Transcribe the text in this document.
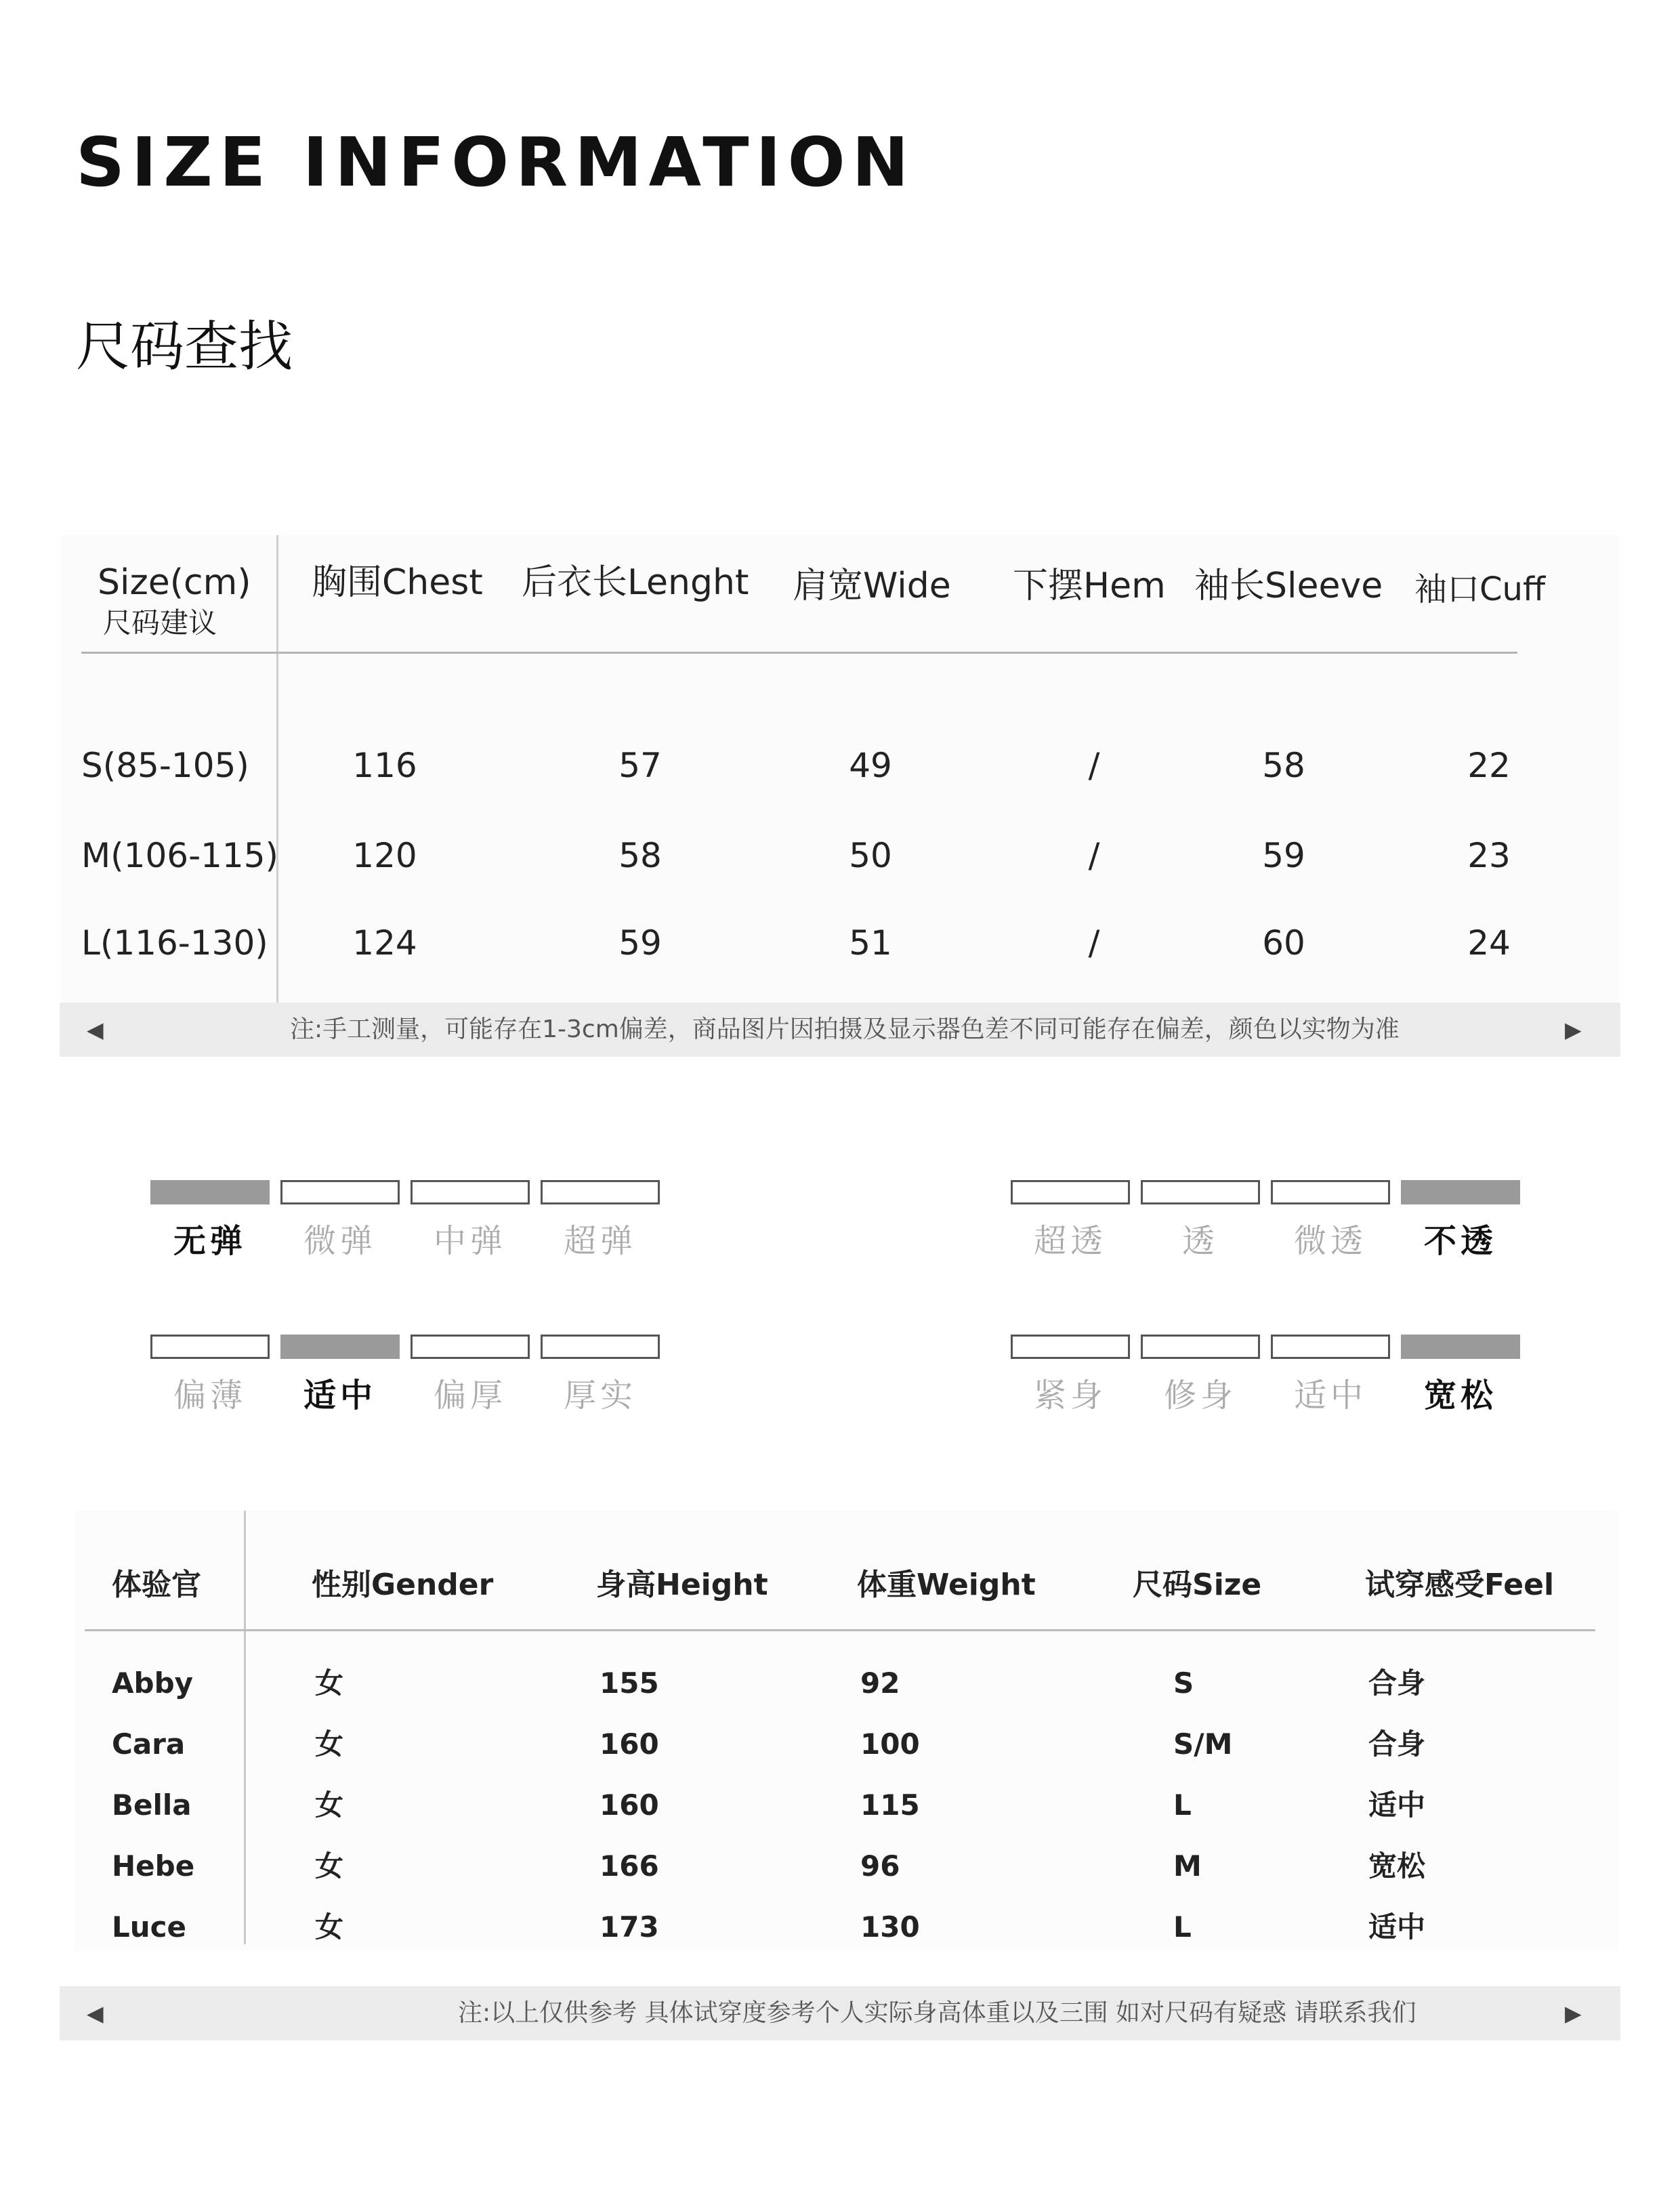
SIZE INFORMATION
尺码查找
Size(cm)
尺码建议
胸围Chest 后衣长Lenght 肩宽Wide 下摆Hem 袖长Sleeve 袖口Cuff
S(85-105)	116	57	49	/	58	22
M(106-115)	120	58	50	/	59	23
L(116-130)	124	59	51	/	60	24
◀	注:手工测量，可能存在1-3cm偏差，商品图片因拍摄及显示器色差不同可能存在偏差，颜色以实物为准	▶
无弹	微弹	中弹	超弹	超透	透	微透	不透
偏薄	适中	偏厚	厚实	紧身	修身	适中	宽松
体验官	性别Gender	身高Height	体重Weight	尺码Size	试穿感受Feel
Abby	女	155	92	S	合身
Cara	女	160	100	S/M	合身
Bella	女	160	115	L	适中
Hebe	女	166	96	M	宽松
Luce	女	173	130	L	适中
◀	注:以上仅供参考 具体试穿度参考个人实际身高体重以及三围 如对尺码有疑惑 请联系我们	▶
